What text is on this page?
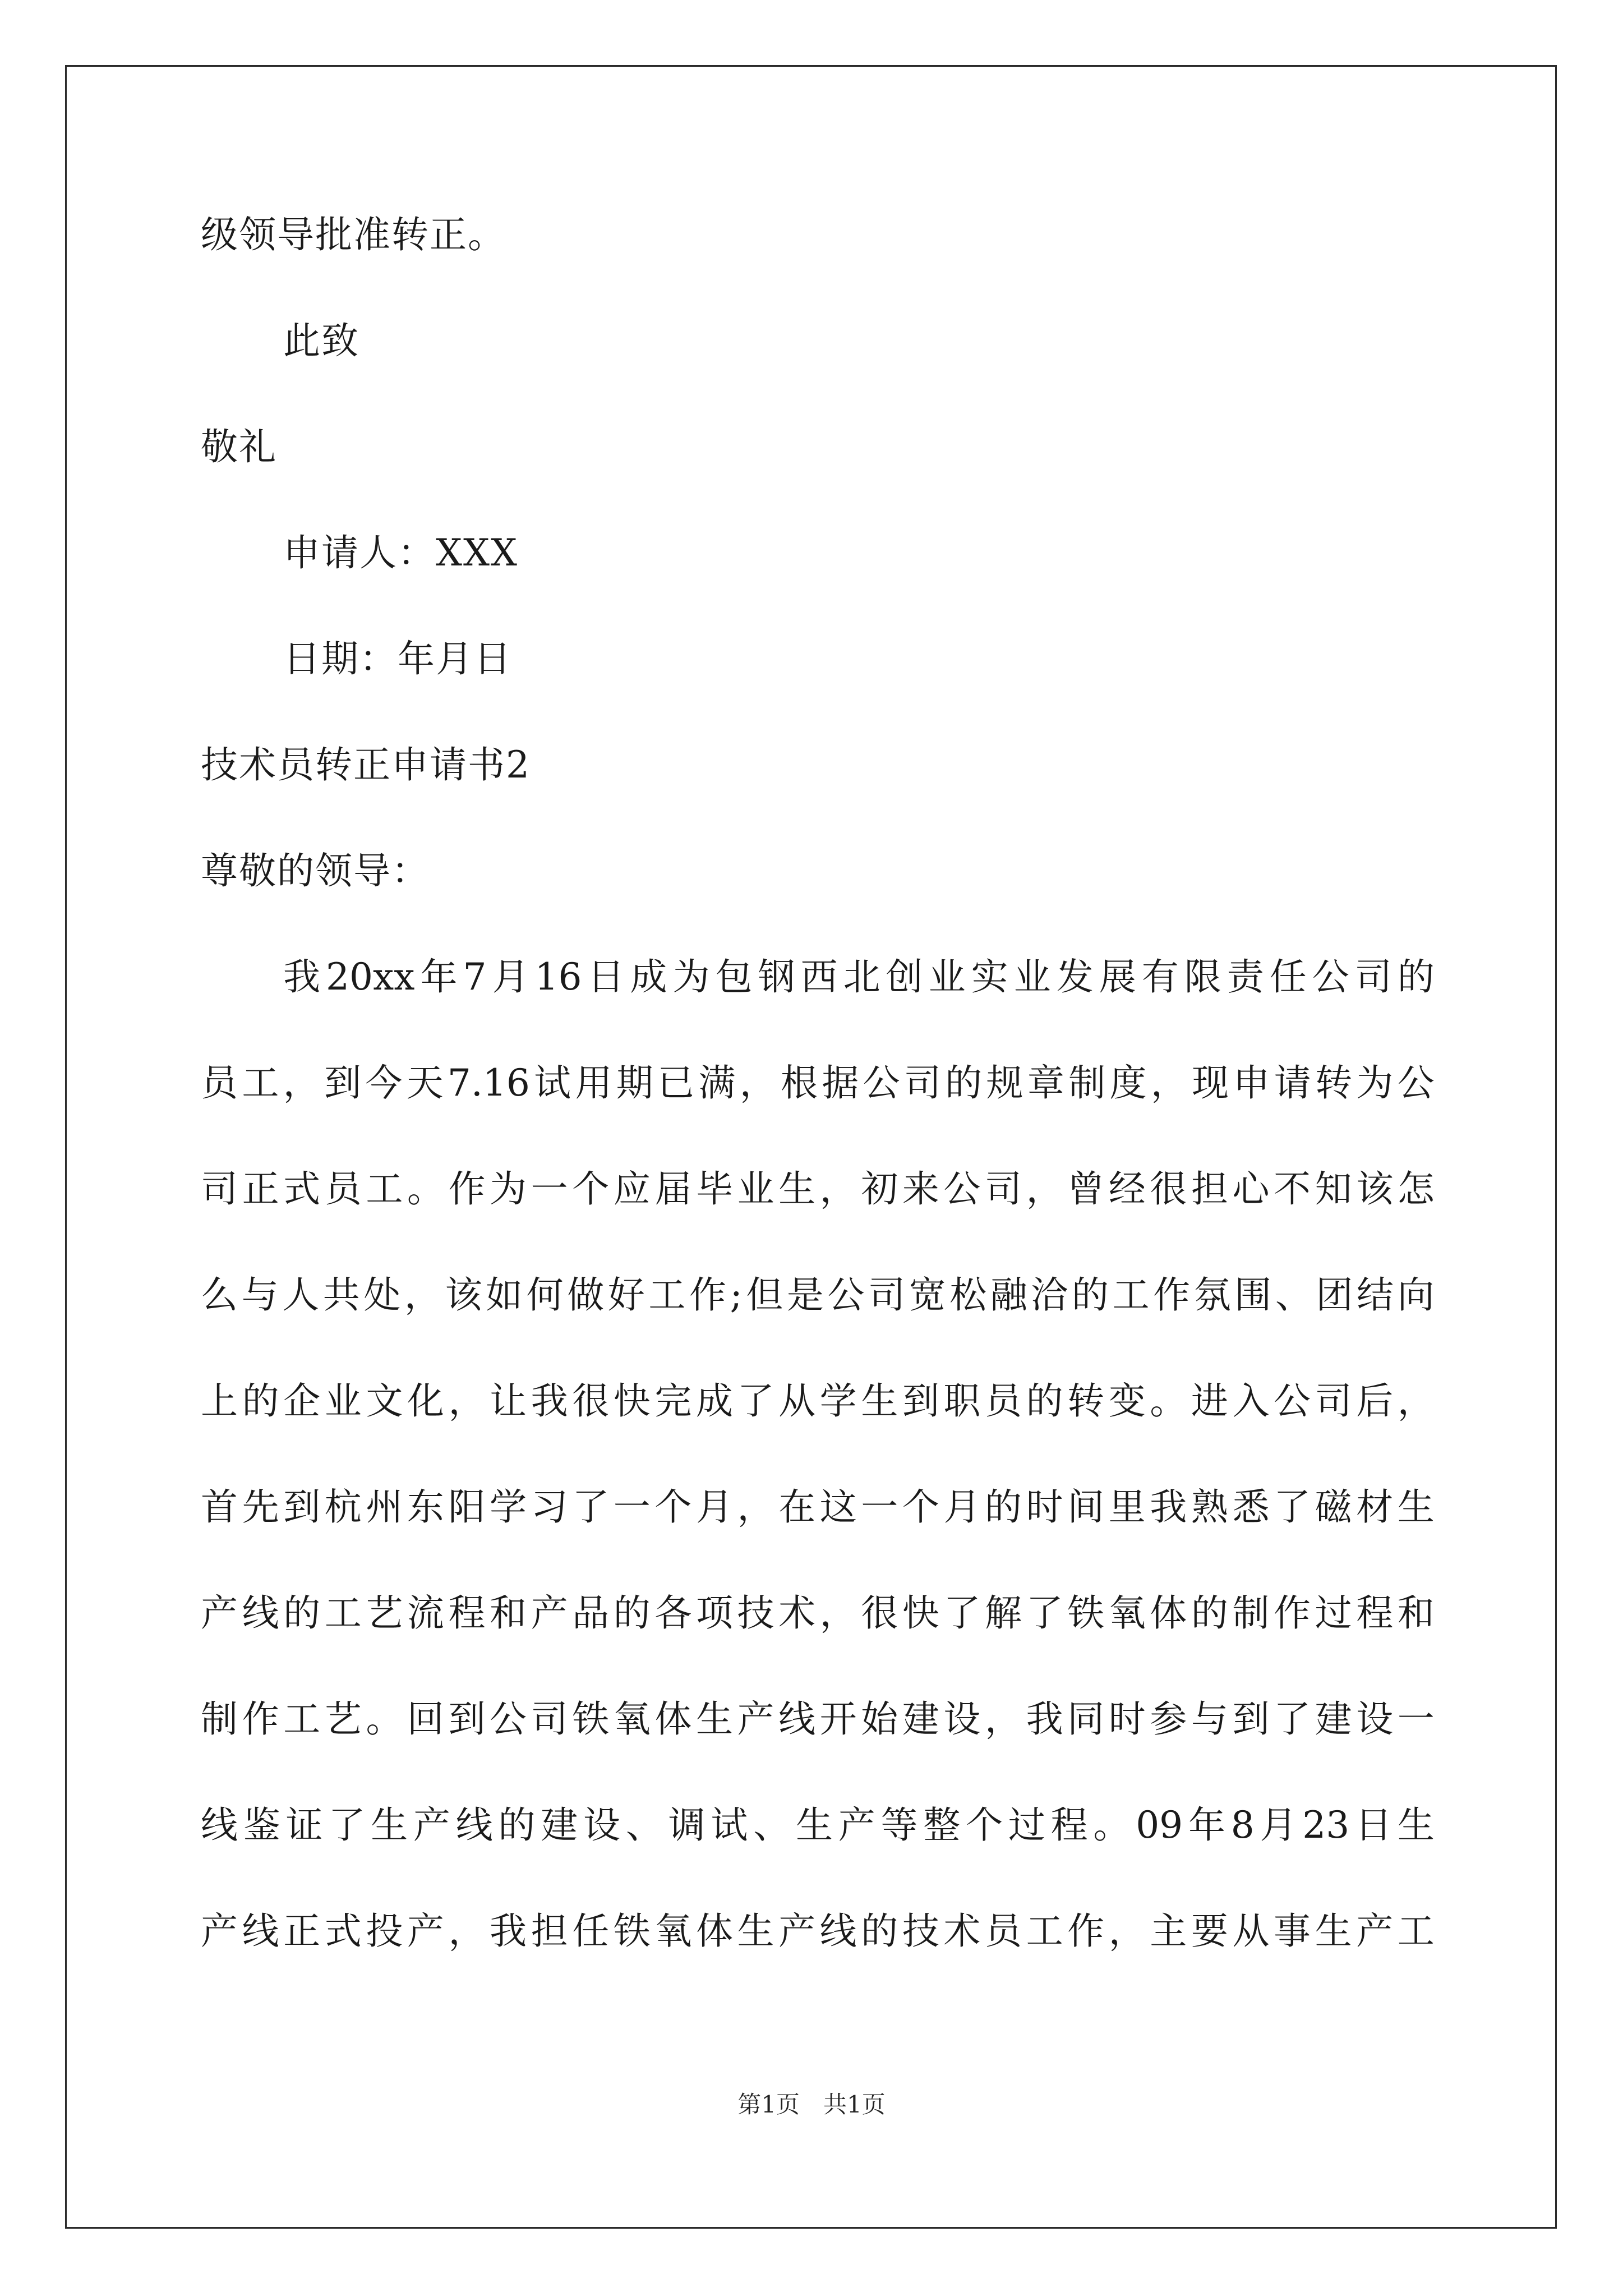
级领导批准转正。
此致
敬礼
申请人：XXX
日期：年月日
技术员转正申请书2
尊敬的领导：
我 20xx 年 7 月 16 日 成 为 包 钢 西 北 创 业 实 业 发 展 有 限 责 任 公 司 的
员 工 ， 到 今 天 7.16 试 用 期 已 满 ， 根 据 公 司 的 规 章 制 度 ， 现 申 请 转 为 公
司 正 式 员 工 。 作 为 一 个 应 届 毕 业 生 ， 初 来 公 司 ， 曾 经 很 担 心 不 知 该 怎
么 与 人 共 处 ， 该 如 何 做 好 工 作 ; 但 是 公 司 宽 松 融 洽 的 工 作 氛 围 、 团 结 向
上 的 企 业 文 化 ， 让 我 很 快 完 成 了 从 学 生 到 职 员 的 转 变 。 进 入 公 司 后 ，
首 先 到 杭 州 东 阳 学 习 了 一 个 月 ， 在 这 一 个 月 的 时 间 里 我 熟 悉 了 磁 材 生
产 线 的 工 艺 流 程 和 产 品 的 各 项 技 术 ， 很 快 了 解 了 铁 氧 体 的 制 作 过 程 和
制 作 工 艺 。 回 到 公 司 铁 氧 体 生 产 线 开 始 建 设 ， 我 同 时 参 与 到 了 建 设 一
线 鉴 证 了 生 产 线 的 建 设 、 调 试 、 生 产 等 整 个 过 程 。 09 年 8 月 23 日 生
产 线 正 式 投 产 ， 我 担 任 铁 氧 体 生 产 线 的 技 术 员 工 作 ， 主 要 从 事 生 产 工
第1页　共1页
